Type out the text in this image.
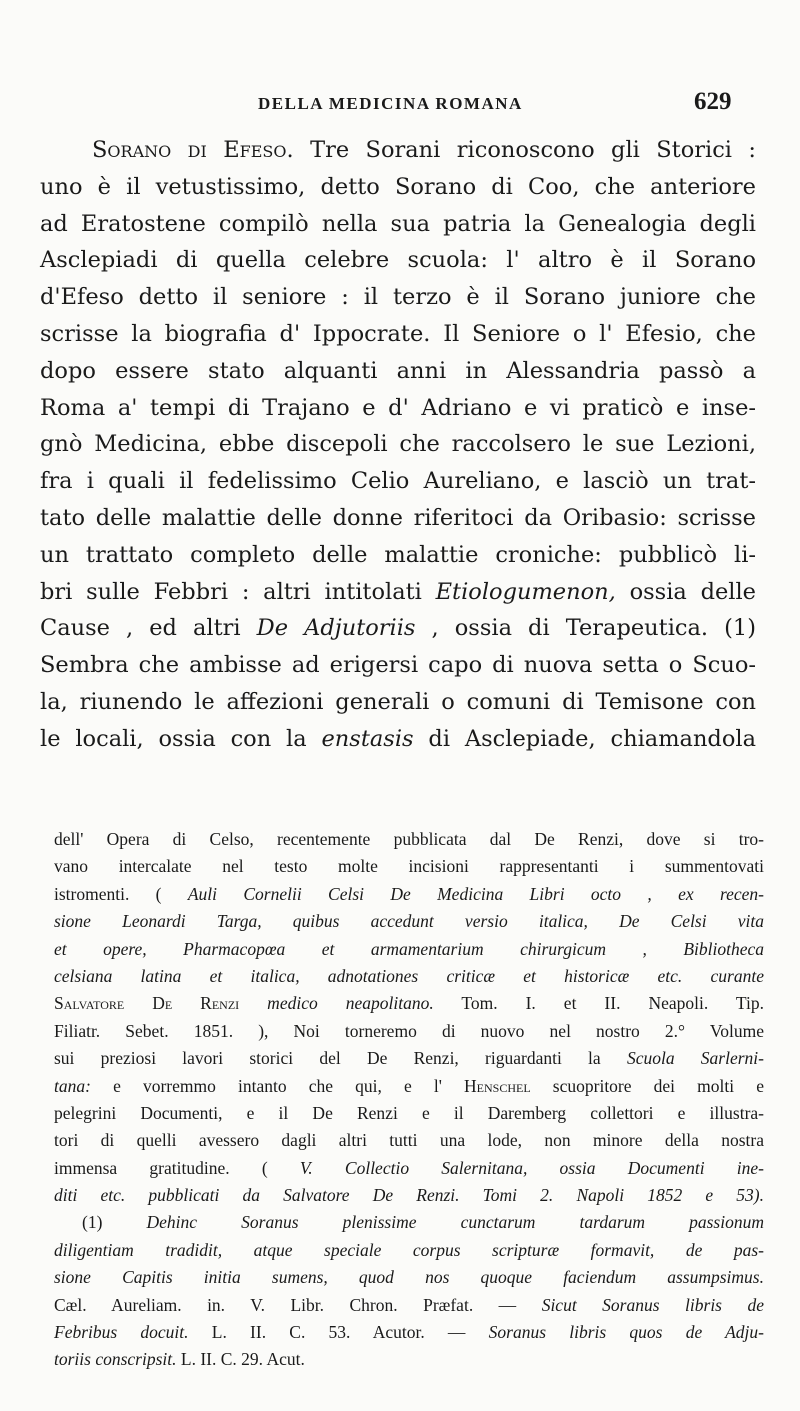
DELLA MEDICINA ROMANA	629
Sorano di Efeso. Tre Sorani riconoscono gli Storici :
uno è il vetustissimo, detto Sorano di Coo, che anteriore
ad Eratostene compilò nella sua patria la Genealogia degli
Asclepiadi di quella celebre scuola: l' altro è il Sorano
d'Efeso detto il seniore : il terzo è il Sorano juniore che
scrisse la biografia d' Ippocrate. Il Seniore o l' Efesio, che
dopo essere stato alquanti anni in Alessandria passò a
Roma a' tempi di Trajano e d' Adriano e vi praticò e inse-
gnò Medicina, ebbe discepoli che raccolsero le sue Lezioni,
fra i quali il fedelissimo Celio Aureliano, e lasciò un trat-
tato delle malattie delle donne riferitoci da Oribasio: scrisse
un trattato completo delle malattie croniche: pubblicò li-
bri sulle Febbri : altri intitolati Etiologumenon, ossia delle
Cause , ed altri De Adjutoriis , ossia di Terapeutica. (1)
Sembra che ambisse ad erigersi capo di nuova setta o Scuo-
la, riunendo le affezioni generali o comuni di Temisone con
le locali, ossia con la enstasis di Asclepiade, chiamandola
dell' Opera di Celso, recentemente pubblicata dal De Renzi, dove si tro-
vano intercalate nel testo molte incisioni rappresentanti i summentovati
istromenti. ( Auli Cornelii Celsi De Medicina Libri octo , ex recen-
sione Leonardi Targa, quibus accedunt versio italica, De Celsi vita
et opere, Pharmacopœa et armamentarium chirurgicum , Bibliotheca
celsiana latina et italica, adnotationes criticæ et historicæ etc. curante
Salvatore De Renzi medico neapolitano. Tom. I. et II. Neapoli. Tip.
Filiatr. Sebet. 1851. ), Noi torneremo di nuovo nel nostro 2.° Volume
sui preziosi lavori storici del De Renzi, riguardanti la Scuola Sarlerni-
tana: e vorremmo intanto che qui, e l' Henschel scuopritore dei molti e
pelegrini Documenti, e il De Renzi e il Daremberg collettori e illustra-
tori di quelli avessero dagli altri tutti una lode, non minore della nostra
immensa gratitudine. ( V. Collectio Salernitana, ossia Documenti ine-
diti etc. pubblicati da Salvatore De Renzi. Tomi 2. Napoli 1852 e 53).
(1) Dehinc Soranus plenissime cunctarum tardarum passionum
diligentiam tradidit, atque speciale corpus scripturæ formavit, de pas-
sione Capitis initia sumens, quod nos quoque faciendum assumpsimus.
Cæl. Aureliam. in. V. Libr. Chron. Præfat. — Sicut Soranus libris de
Febribus docuit. L. II. C. 53. Acutor. — Soranus libris quos de Adju-
toriis conscripsit. L. II. C. 29. Acut.
